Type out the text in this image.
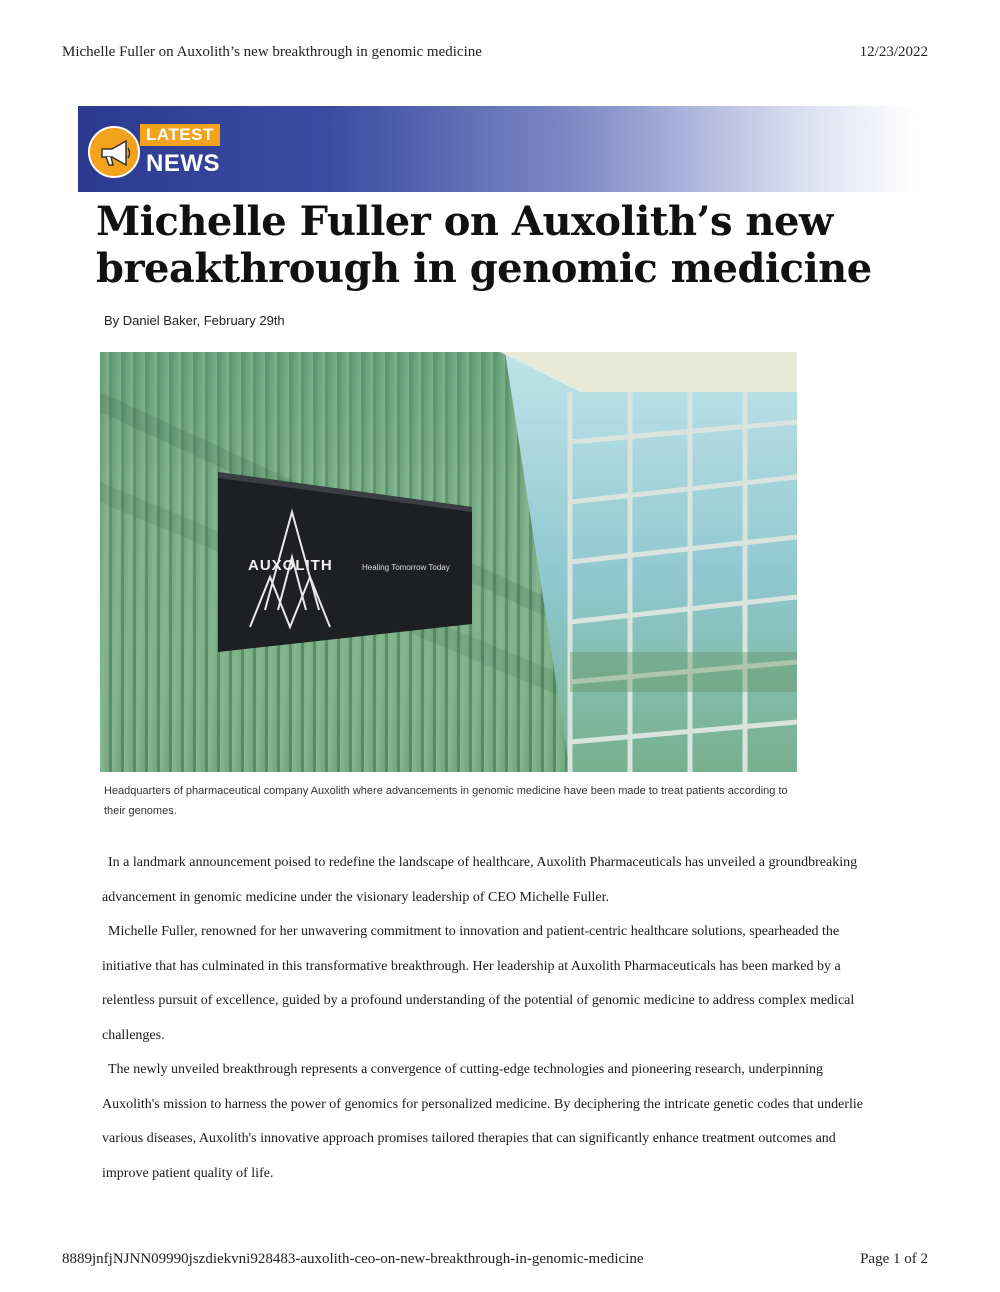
Michelle Fuller on Auxolith’s new breakthrough in genomic medicine	12/23/2022
LATEST
NEWS
Michelle Fuller on Auxolith’s new breakthrough in genomic medicine
By Daniel Baker, February 29th
AUXOLITH	Healing Tomorrow Today
Headquarters of pharmaceutical company Auxolith where advancements in genomic medicine have been made to treat patients according to their genomes.

In a landmark announcement poised to redefine the landscape of healthcare, Auxolith Pharmaceuticals has unveiled a groundbreaking advancement in genomic medicine under the visionary leadership of CEO Michelle Fuller.

Michelle Fuller, renowned for her unwavering commitment to innovation and patient-centric healthcare solutions, spearheaded the initiative that has culminated in this transformative breakthrough. Her leadership at Auxolith Pharmaceuticals has been marked by a relentless pursuit of excellence, guided by a profound understanding of the potential of genomic medicine to address complex medical challenges.

The newly unveiled breakthrough represents a convergence of cutting-edge technologies and pioneering research, underpinning Auxolith's mission to harness the power of genomics for personalized medicine. By deciphering the intricate genetic codes that underlie various diseases, Auxolith's innovative approach promises tailored therapies that can significantly enhance treatment outcomes and improve patient quality of life.

8889jnfjNJNN09990jszdiekvni928483-auxolith-ceo-on-new-breakthrough-in-genomic-medicine	Page 1 of 2
